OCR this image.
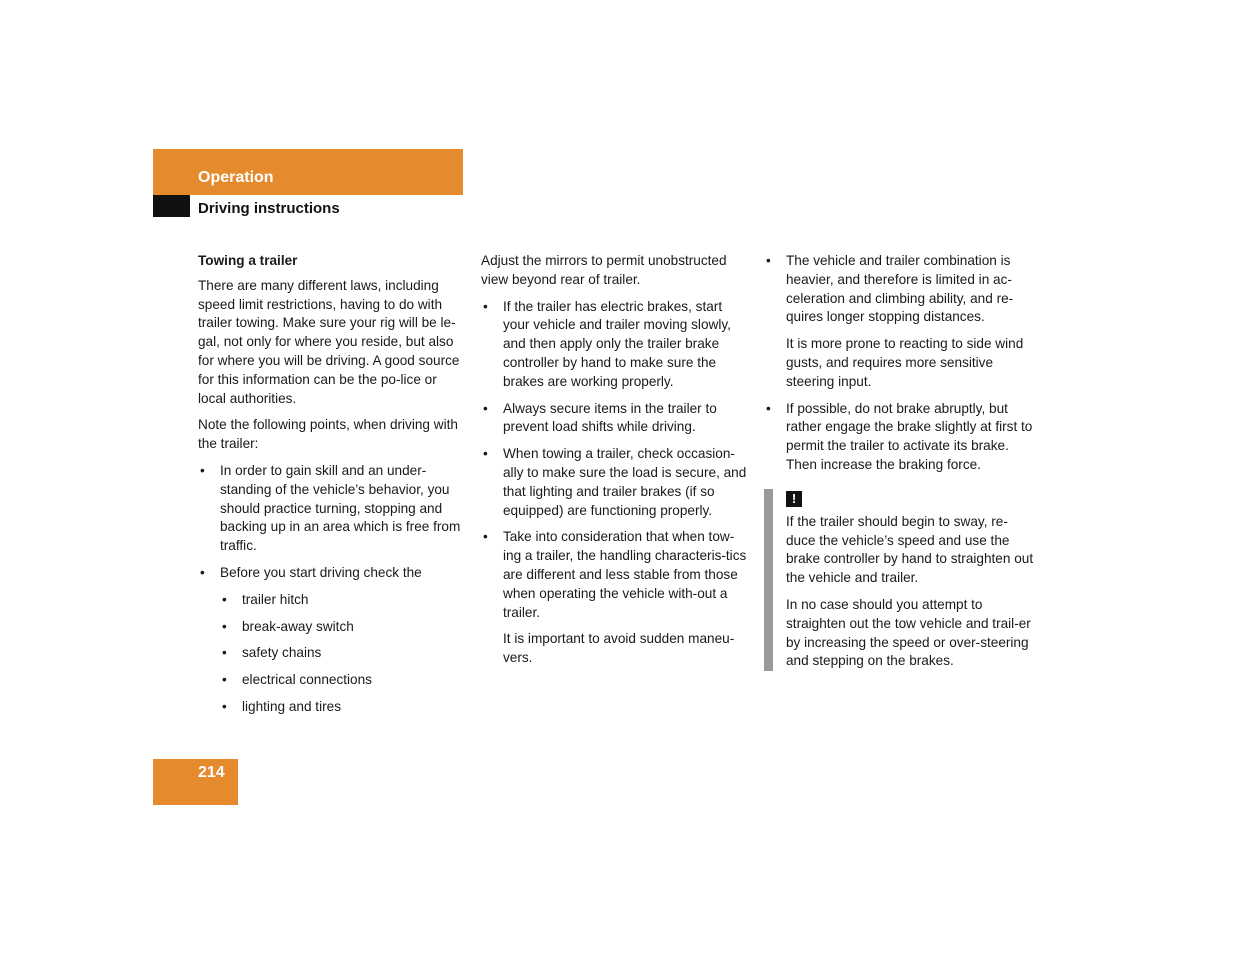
Operation
Driving instructions

Towing a trailer

There are many different laws, including speed limit restrictions, having to do with trailer towing. Make sure your rig will be le-gal, not only for where you reside, but also for where you will be driving. A good source for this information can be the po-lice or local authorities.

Note the following points, when driving with the trailer:

• In order to gain skill and an under-standing of the vehicle’s behavior, you should practice turning, stopping and backing up in an area which is free from traffic.
• Before you start driving check the
• trailer hitch
• break-away switch
• safety chains
• electrical connections
• lighting and tires

Adjust the mirrors to permit unobstructed view beyond rear of trailer.

• If the trailer has electric brakes, start your vehicle and trailer moving slowly, and then apply only the trailer brake controller by hand to make sure the brakes are working properly.
• Always secure items in the trailer to prevent load shifts while driving.
• When towing a trailer, check occasion-ally to make sure the load is secure, and that lighting and trailer brakes (if so equipped) are functioning properly.
• Take into consideration that when tow-ing a trailer, the handling characteris-tics are different and less stable from those when operating the vehicle with-out a trailer.

It is important to avoid sudden maneu-vers.

• The vehicle and trailer combination is heavier, and therefore is limited in ac-celeration and climbing ability, and re-quires longer stopping distances.

It is more prone to reacting to side wind gusts, and requires more sensitive steering input.

• If possible, do not brake abruptly, but rather engage the brake slightly at first to permit the trailer to activate its brake. Then increase the braking force.
!

If the trailer should begin to sway, re-duce the vehicle’s speed and use the brake controller by hand to straighten out the vehicle and trailer.

In no case should you attempt to straighten out the tow vehicle and trail-er by increasing the speed or over-steering and stepping on the brakes.

214
